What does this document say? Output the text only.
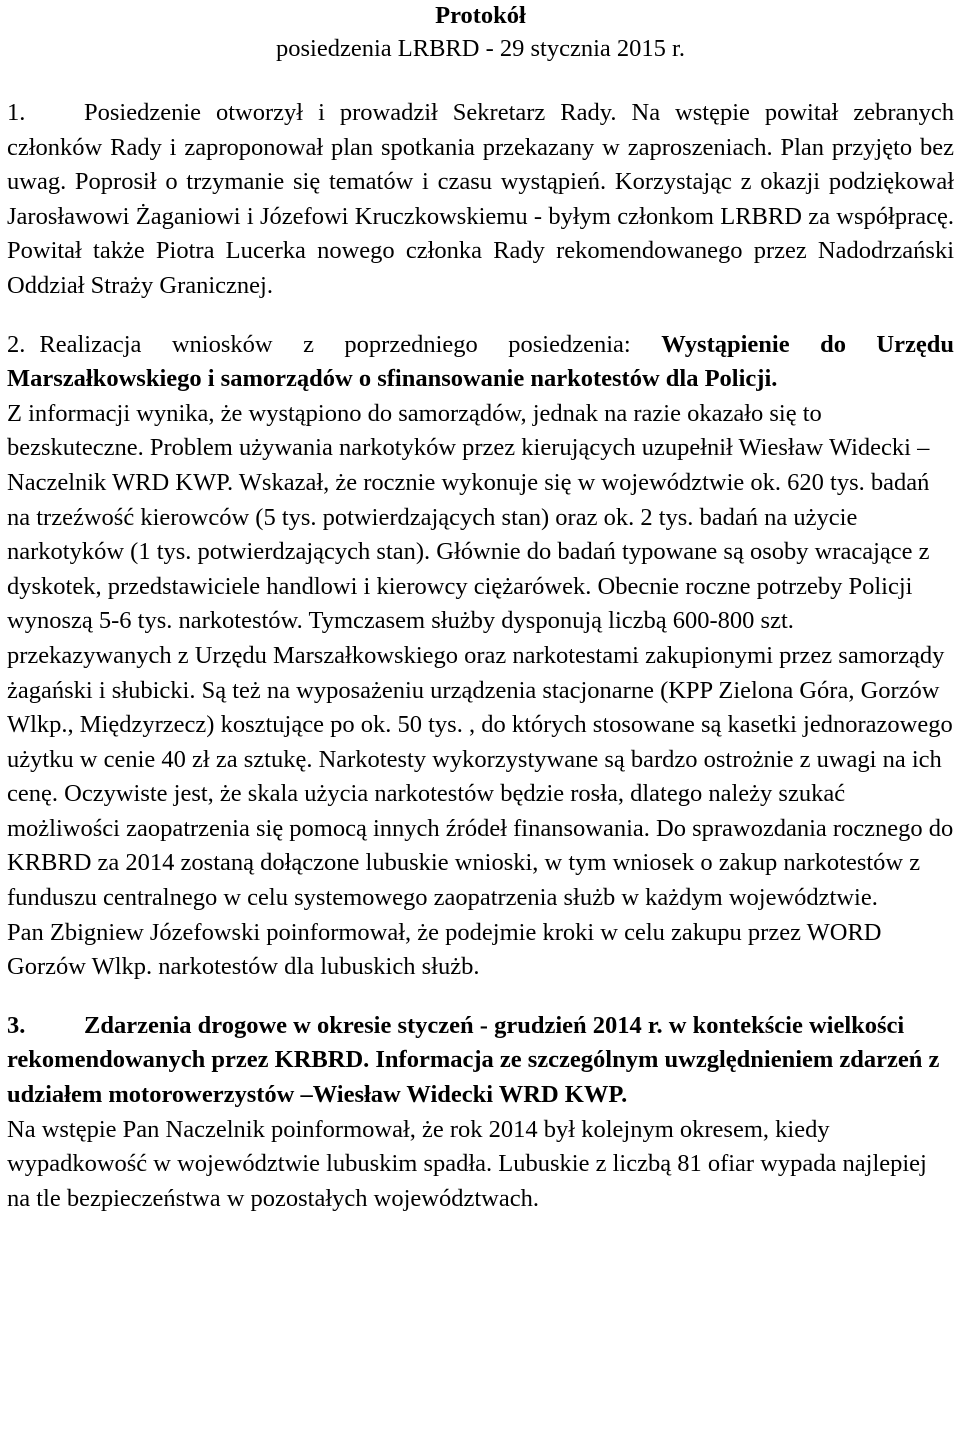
Protokół
posiedzenia LRBRD - 29 stycznia 2015 r.

1. Posiedzenie otworzył i prowadził Sekretarz Rady. Na wstępie powitał zebranych członków Rady i zaproponował plan spotkania przekazany w zaproszeniach. Plan przyjęto bez uwag. Poprosił o trzymanie się tematów i czasu wystąpień. Korzystając z okazji podziękował Jarosławowi Żaganiowi i Józefowi Kruczkowskiemu - byłym członkom LRBRD za współpracę. Powitał także Piotra Lucerka nowego członka Rady rekomendowanego przez Nadodrzański Oddział Straży Granicznej.

2. Realizacja wniosków z poprzedniego posiedzenia: Wystąpienie do Urzędu Marszałkowskiego i samorządów o sfinansowanie narkotestów dla Policji.

Z informacji wynika, że wystąpiono do samorządów, jednak na razie okazało się to bezskuteczne. Problem używania narkotyków przez kierujących uzupełnił Wiesław Widecki – Naczelnik WRD KWP. Wskazał, że rocznie wykonuje się w województwie ok. 620 tys. badań na trzeźwość kierowców (5 tys. potwierdzających stan) oraz ok. 2 tys. badań na użycie narkotyków (1 tys. potwierdzających stan). Głównie do badań typowane są osoby wracające z dyskotek, przedstawiciele handlowi i kierowcy ciężarówek. Obecnie roczne potrzeby Policji wynoszą 5-6 tys. narkotestów. Tymczasem służby dysponują liczbą 600-800 szt. przekazywanych z Urzędu Marszałkowskiego oraz narkotestami zakupionymi przez samorządy żagański i słubicki. Są też na wyposażeniu urządzenia stacjonarne (KPP Zielona Góra, Gorzów Wlkp., Międzyrzecz) kosztujące po ok. 50 tys. , do których stosowane są kasetki jednorazowego użytku w cenie 40 zł za sztukę. Narkotesty wykorzystywane są bardzo ostrożnie z uwagi na ich cenę. Oczywiste jest, że skala użycia narkotestów będzie rosła, dlatego należy szukać możliwości zaopatrzenia się pomocą innych źródeł finansowania. Do sprawozdania rocznego do KRBRD za 2014 zostaną dołączone lubuskie wnioski, w tym wniosek o zakup narkotestów z funduszu centralnego w celu systemowego zaopatrzenia służb w każdym województwie.

Pan Zbigniew Józefowski poinformował, że podejmie kroki w celu zakupu przez WORD Gorzów Wlkp. narkotestów dla lubuskich służb.

3. Zdarzenia drogowe w okresie styczeń - grudzień 2014 r. w kontekście wielkości rekomendowanych przez KRBRD. Informacja ze szczególnym uwzględnieniem zdarzeń z udziałem motorowerzystów –Wiesław Widecki WRD KWP.

Na wstępie Pan Naczelnik poinformował, że rok 2014 był kolejnym okresem, kiedy wypadkowość w województwie lubuskim spadła. Lubuskie z liczbą 81 ofiar wypada najlepiej na tle bezpieczeństwa w pozostałych województwach.
